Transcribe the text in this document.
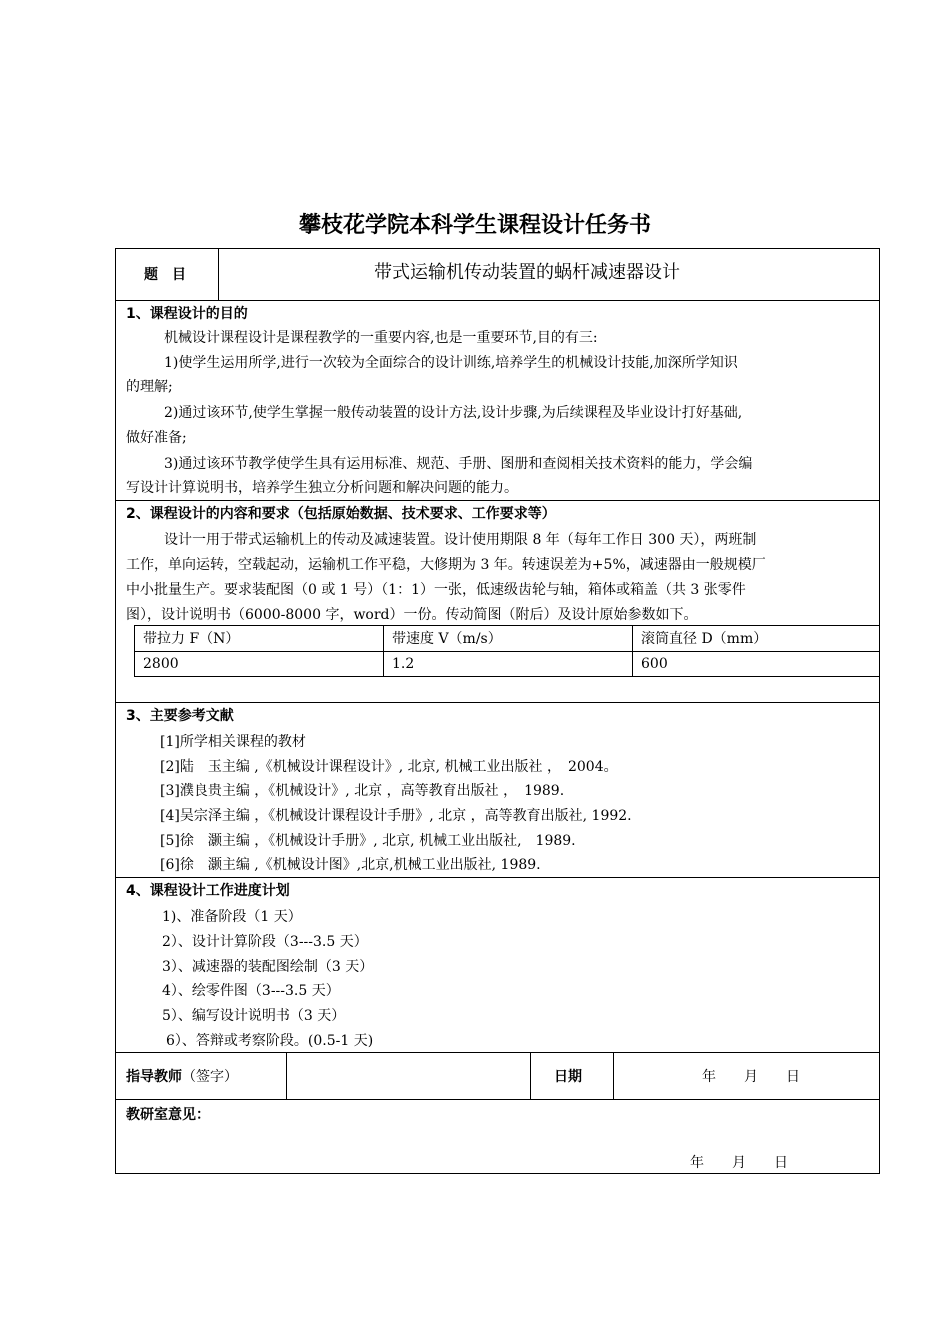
攀枝花学院本科学生课程设计任务书
题　目	带式运输机传动装置的蜗杆减速器设计
1、课程设计的目的
机械设计课程设计是课程教学的一重要内容,也是一重要环节,目的有三:
1)使学生运用所学,进行一次较为全面综合的设计训练,培养学生的机械设计技能,加深所学知识
的理解;
2)通过该环节,使学生掌握一般传动装置的设计方法,设计步骤,为后续课程及毕业设计打好基础,
做好准备;
3)通过该环节教学使学生具有运用标准、规范、手册、图册和查阅相关技术资料的能力，学会编
写设计计算说明书，培养学生独立分析问题和解决问题的能力。
2、课程设计的内容和要求（包括原始数据、技术要求、工作要求等）
设计一用于带式运输机上的传动及减速装置。设计使用期限 8 年（每年工作日 300 天），两班制
工作，单向运转，空载起动，运输机工作平稳，大修期为 3 年。转速误差为+5%，减速器由一般规模厂
中小批量生产。要求装配图（0 或 1 号）（1：1）一张，低速级齿轮与轴，箱体或箱盖（共 3 张零件
图），设计说明书（6000-8000 字，word）一份。传动简图（附后）及设计原始参数如下。
带拉力 F（N）	带速度 V（m/s）	滚筒直径 D（mm）
2800	1.2	600
3、主要参考文献
[1]所学相关课程的教材
[2]陆　玉主编 ,《机械设计课程设计》, 北京, 机械工业出版社 ，　2004。
[3]濮良贵主编 ，《机械设计》, 北京 ，高等教育出版社 ，　1989.
[4]吴宗泽主编 ，《机械设计课程设计手册》, 北京 ，高等教育出版社, 1992.
[5]徐　灏主编 ，《机械设计手册》, 北京, 机械工业出版社,　1989.
[6]徐　灏主编 ,《机械设计图》,北京,机械工业出版社, 1989.
4、课程设计工作进度计划
1)、准备阶段（1 天）
2）、设计计算阶段（3---3.5 天）
3）、减速器的装配图绘制（3 天）
4）、绘零件图（3---3.5 天）
5）、编写设计说明书（3 天）
6）、答辩或考察阶段。(0.5-1 天)
指导教师（签字）	日期	年　　月　　日
教研室意见：
年　　月　　日
